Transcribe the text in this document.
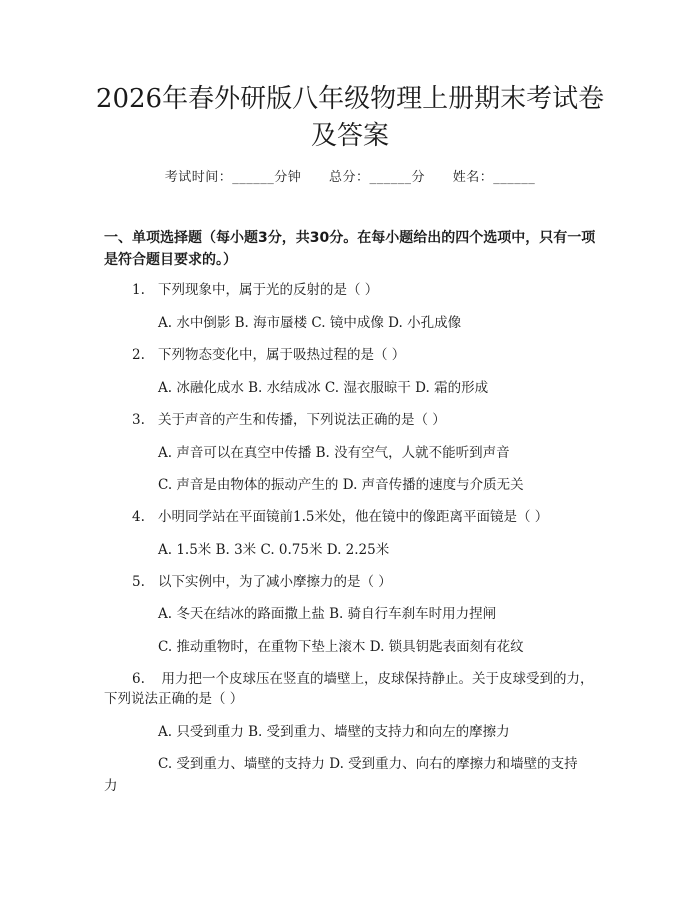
2026年春外研版八年级物理上册期末考试卷
及答案
考试时间：______分钟      总分：______分      姓名：______
一、单项选择题（每小题3分，共30分。在每小题给出的四个选项中，只有一项
是符合题目要求的。）
1. 下列现象中，属于光的反射的是（ ）
A. 水中倒影 B. 海市蜃楼 C. 镜中成像 D. 小孔成像
2. 下列物态变化中，属于吸热过程的是（ ）
A. 冰融化成水 B. 水结成冰 C. 湿衣服晾干 D. 霜的形成
3. 关于声音的产生和传播，下列说法正确的是（ ）
A. 声音可以在真空中传播 B. 没有空气，人就不能听到声音
C. 声音是由物体的振动产生的 D. 声音传播的速度与介质无关
4. 小明同学站在平面镜前1.5米处，他在镜中的像距离平面镜是（ ）
A. 1.5米 B. 3米 C. 0.75米 D. 2.25米
5. 以下实例中，为了减小摩擦力的是（ ）
A. 冬天在结冰的路面撒上盐 B. 骑自行车刹车时用力捏闸
C. 推动重物时，在重物下垫上滚木 D. 锁具钥匙表面刻有花纹
6. 用力把一个皮球压在竖直的墙壁上，皮球保持静止。关于皮球受到的力，
下列说法正确的是（ ）
A. 只受到重力 B. 受到重力、墙壁的支持力和向左的摩擦力
C. 受到重力、墙壁的支持力 D. 受到重力、向右的摩擦力和墙壁的支持
力
